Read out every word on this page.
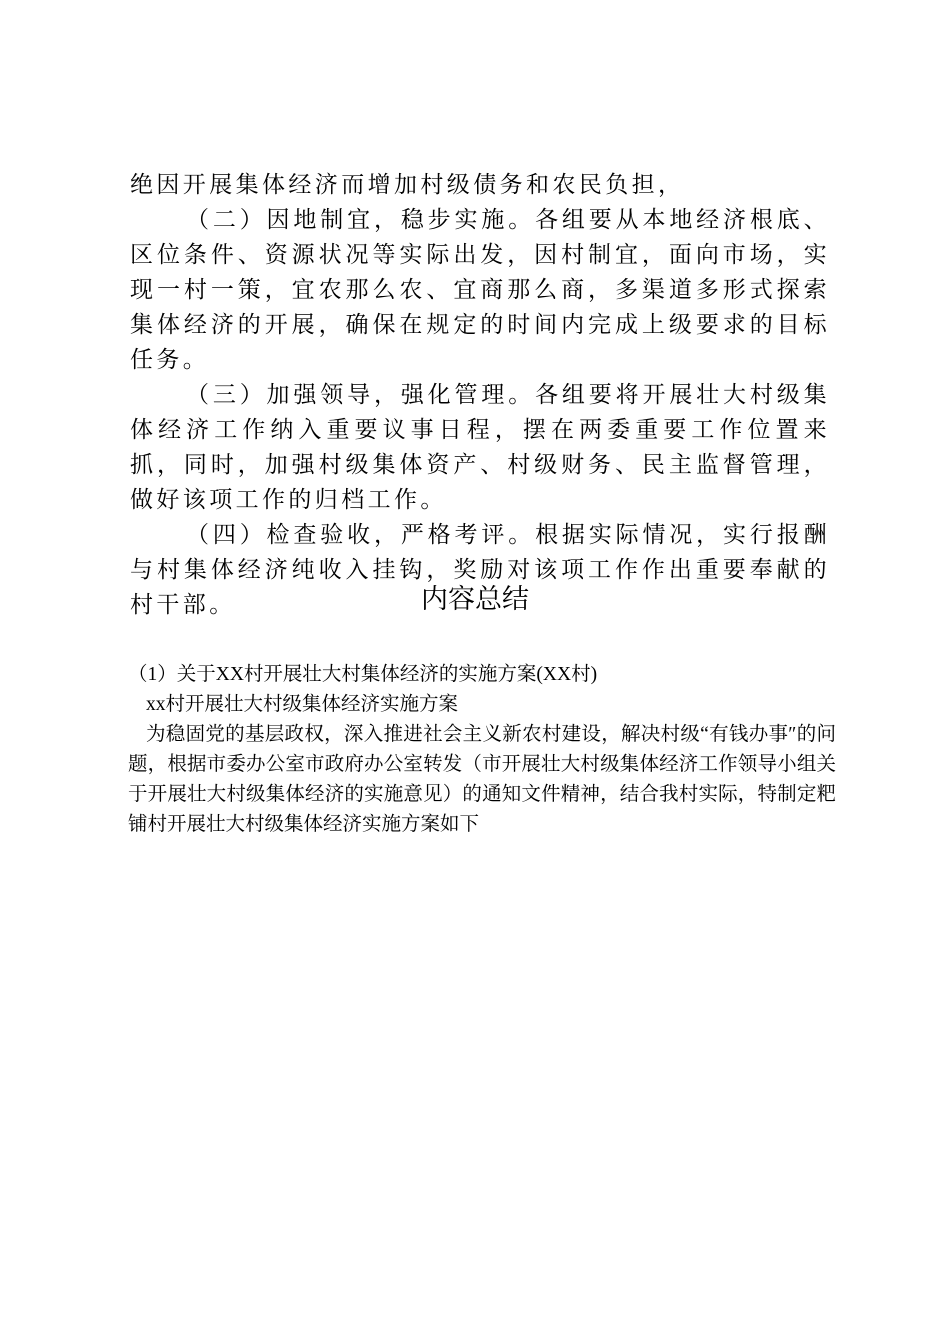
绝因开展集体经济而增加村级债务和农民负担，

（二）因地制宜，稳步实施。各组要从本地经济根底、区位条件、资源状况等实际出发，因村制宜，面向市场，实现一村一策，宜农那么农、宜商那么商，多渠道多形式探索集体经济的开展，确保在规定的时间内完成上级要求的目标任务。

（三）加强领导，强化管理。各组要将开展壮大村级集体经济工作纳入重要议事日程，摆在两委重要工作位置来抓，同时，加强村级集体资产、村级财务、民主监督管理，做好该项工作的归档工作。

（四）检查验收，严格考评。根据实际情况，实行报酬与村集体经济纯收入挂钩，奖励对该项工作作出重要奉献的村干部。	内容总结

（1）关于XX村开展壮大村集体经济的实施方案(XX村)

xx村开展壮大村级集体经济实施方案

为稳固党的基层政权，深入推进社会主义新农村建设，解决村级“有钱办事″的问题，根据市委办公室市政府办公室转发（市开展壮大村级集体经济工作领导小组关于开展壮大村级集体经济的实施意见）的通知文件精神，结合我村实际，特制定粑铺村开展壮大村级集体经济实施方案如下
